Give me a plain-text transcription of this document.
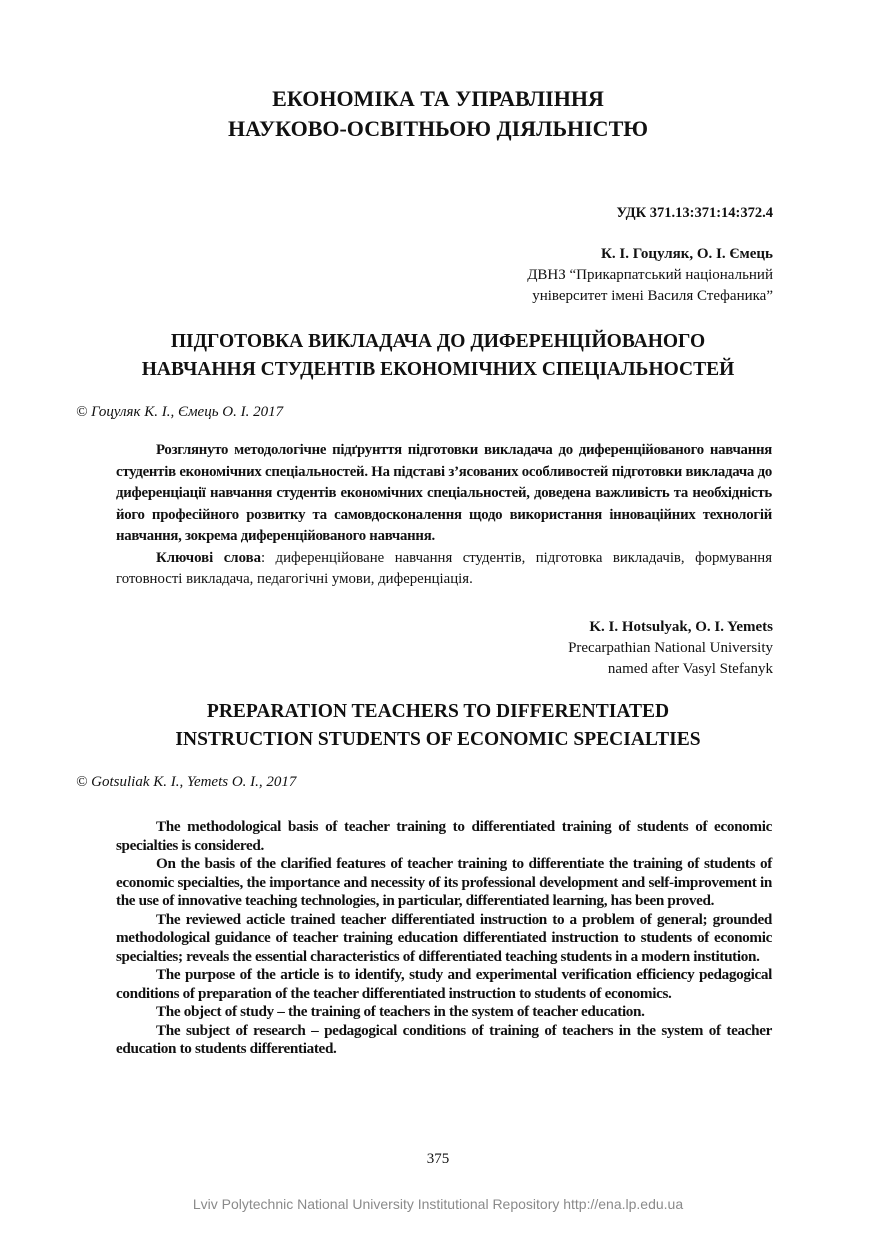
ЕКОНОМІКА ТА УПРАВЛІННЯ
НАУКОВО-ОСВІТНЬОЮ ДІЯЛЬНІСТЮ
УДК 371.13:371:14:372.4
К. І. Гоцуляк, О. І. Ємець
ДВНЗ “Прикарпатський національний
університет імені Василя Стефаника”
ПІДГОТОВКА ВИКЛАДАЧА ДО ДИФЕРЕНЦІЙОВАНОГО
НАВЧАННЯ СТУДЕНТІВ ЕКОНОМІЧНИХ СПЕЦІАЛЬНОСТЕЙ
© Гоцуляк К. І., Ємець О. І. 2017

Розглянуто методологічне підґрунття підготовки викладача до диференційованого навчання студентів економічних спеціальностей. На підставі з’ясованих особливостей підготовки викладача до диференціації навчання студентів економічних спеціальностей, доведена важливість та необхідність його професійного розвитку та самовдосконалення щодо використання інноваційних технологій навчання, зокрема диференційованого навчання.

Ключові слова: диференційоване навчання студентів, підготовка викладачів, формування готовності викладача, педагогічні умови, диференціація.

K. I. Hotsulyak, O. I. Yemets
Precarpathian National University
named after Vasyl Stefanyk
PREPARATION TEACHERS TO DIFFERENTIATED
INSTRUCTION STUDENTS OF ECONOMIC SPECIALTIES
© Gotsuliak K. I., Yemets O. I., 2017

The methodological basis of teacher training to differentiated training of students of economic specialties is considered.

On the basis of the clarified features of teacher training to differentiate the training of students of economic specialties, the importance and necessity of its professional development and self-improvement in the use of innovative teaching technologies, in particular, differentiated learning, has been proved.

The reviewed acticle trained teacher differentiated instruction to a problem of general; grounded methodological guidance of teacher training education differentiated instruction to students of economic specialties; reveals the essential characteristics of differentiated teaching students in a modern institution.

The purpose of the article is to identify, study and experimental verification efficiency pedagogical conditions of preparation of the teacher differentiated instruction to students of economics.

The object of study – the training of teachers in the system of teacher education.

The subject of research – pedagogical conditions of training of teachers in the system of teacher education to students differentiated.

375
Lviv Polytechnic National University Institutional Repository http://ena.lp.edu.ua
